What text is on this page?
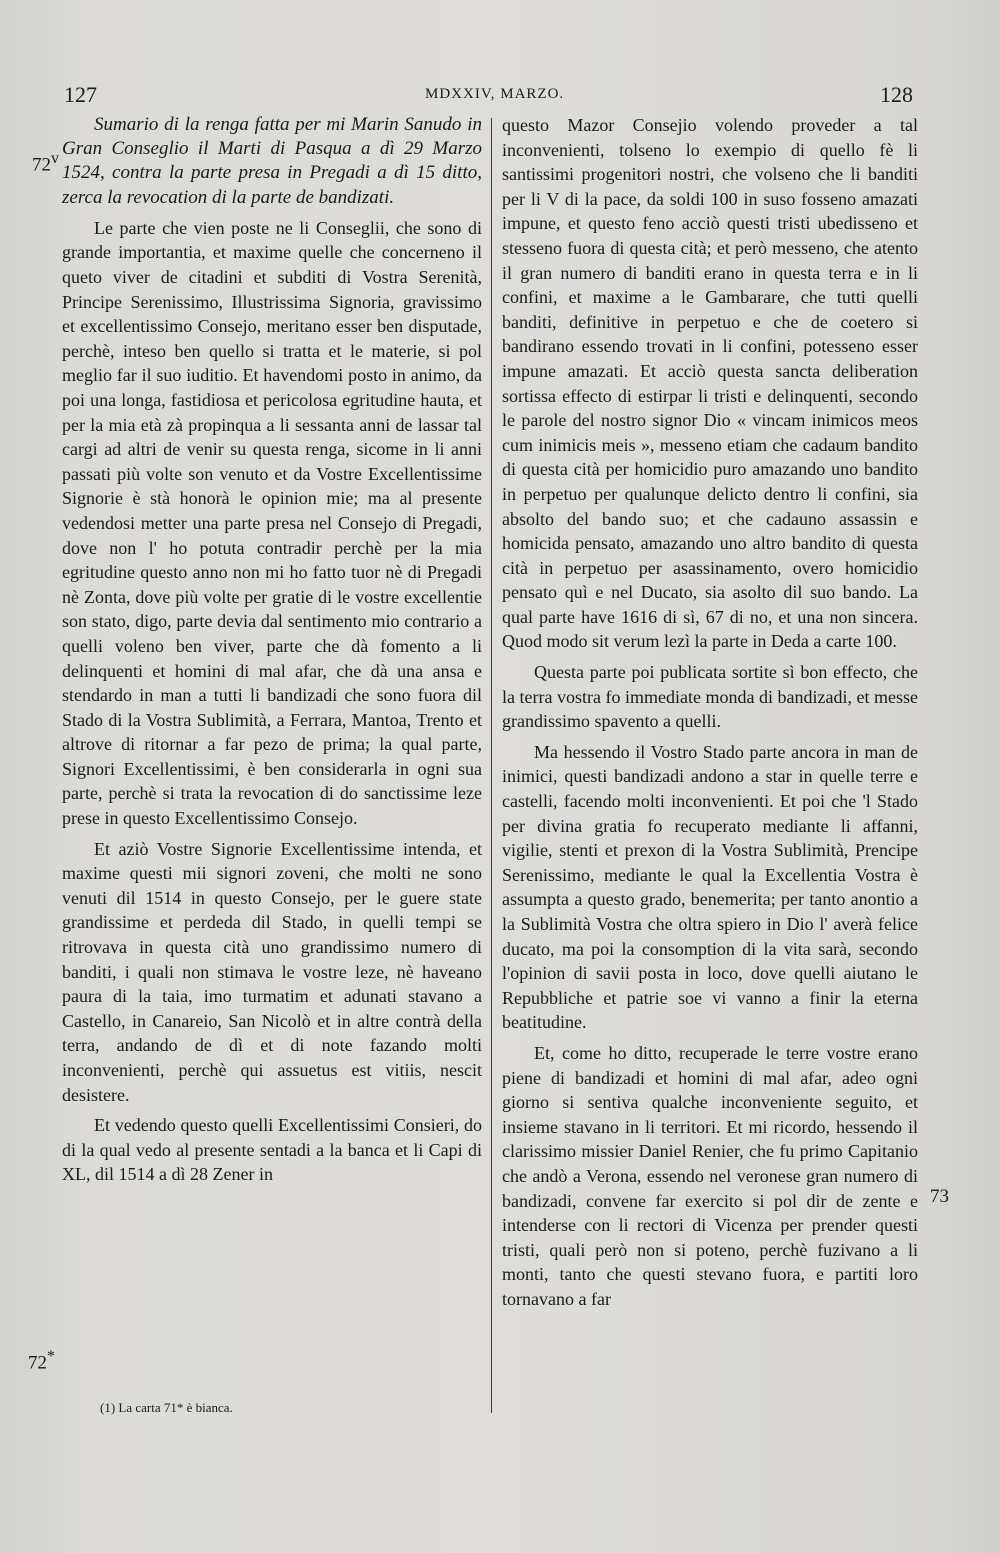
127	MDXXIV, MARZO.	128
72$^v$
72*
73

Sumario di la renga fatta per mi Marin Sanudo in Gran Conseglio il Marti di Pasqua a dì 29 Marzo 1524, contra la parte presa in Pregadi a dì 15 ditto, zerca la revocation di la parte de bandizati.

Le parte che vien poste ne li Conseglii, che sono di grande importantia, et maxime quelle che concerneno il queto viver de citadini et subditi di Vostra Serenità, Principe Serenissimo, Illustrissima Signoria, gravissimo et excellentissimo Consejo, meritano esser ben disputade, perchè, inteso ben quello si tratta et le materie, si pol meglio far il suo iuditio. Et havendomi posto in animo, da poi una longa, fastidiosa et pericolosa egritudine hauta, et per la mia età zà propinqua a li sessanta anni de lassar tal cargi ad altri de venir su questa renga, sicome in li anni passati più volte son venuto et da Vostre Excellentissime Signorie è stà honorà le opinion mie; ma al presente vedendosi metter una parte presa nel Consejo di Pregadi, dove non l' ho potuta contradir perchè per la mia egritudine questo anno non mi ho fatto tuor nè di Pregadi nè Zonta, dove più volte per gratie di le vostre excellentie son stato, digo, parte devia dal sentimento mio contrario a quelli voleno ben viver, parte che dà fomento a li delinquenti et homini di mal afar, che dà una ansa e stendardo in man a tutti li bandizadi che sono fuora dil Stado di la Vostra Sublimità, a Ferrara, Mantoa, Trento et altrove di ritornar a far pezo de prima; la qual parte, Signori Excellentissimi, è ben considerarla in ogni sua parte, perchè si trata la revocation di do sanctissime leze prese in questo Excellentissimo Consejo.

Et aziò Vostre Signorie Excellentissime intenda, et maxime questi mii signori zoveni, che molti ne sono venuti dil 1514 in questo Consejo, per le guere state grandissime et perdeda dil Stado, in quelli tempi se ritrovava in questa cità uno grandissimo numero di banditi, i quali non stimava le vostre leze, nè haveano paura di la taia, imo turmatim et adunati stavano a Castello, in Canareio, San Nicolò et in altre contrà della terra, andando de dì et di note fazando molti inconvenienti, perchè qui assuetus est vitiis, nescit desistere.

Et vedendo questo quelli Excellentissimi Consieri, do di la qual vedo al presente sentadi a la banca et li Capi di XL, dil 1514 a dì 28 Zener in

questo Mazor Consejio volendo proveder a tal inconvenienti, tolseno lo exempio di quello fè li santissimi progenitori nostri, che volseno che li banditi per li V di la pace, da soldi 100 in suso fosseno amazati impune, et questo feno acciò questi tristi ubedisseno et stesseno fuora di questa cità; et però messeno, che atento il gran numero di banditi erano in questa terra e in li confini, et maxime a le Gambarare, che tutti quelli banditi, definitive in perpetuo e che de coetero si bandirano essendo trovati in li confini, potesseno esser impune amazati. Et acciò questa sancta deliberation sortissa effecto di estirpar li tristi e delinquenti, secondo le parole del nostro signor Dio « vincam inimicos meos cum inimicis meis », messeno etiam che cadaum bandito di questa cità per homicidio puro amazando uno bandito in perpetuo per qualunque delicto dentro li confini, sia absolto del bando suo; et che cadauno assassin e homicida pensato, amazando uno altro bandito di questa cità in perpetuo per asassinamento, overo homicidio pensato quì e nel Ducato, sia asolto dil suo bando. La qual parte have 1616 di sì, 67 di no, et una non sincera. Quod modo sit verum lezì la parte in Deda a carte 100.

Questa parte poi publicata sortite sì bon effecto, che la terra vostra fo immediate monda di bandizadi, et messe grandissimo spavento a quelli.

Ma hessendo il Vostro Stado parte ancora in man de inimici, questi bandizadi andono a star in quelle terre e castelli, facendo molti inconvenienti. Et poi che 'l Stado per divina gratia fo recuperato mediante li affanni, vigilie, stenti et prexon di la Vostra Sublimità, Prencipe Serenissimo, mediante le qual la Excellentia Vostra è assumpta a questo grado, benemerita; per tanto anontio a la Sublimità Vostra che oltra spiero in Dio l' averà felice ducato, ma poi la consomption di la vita sarà, secondo l'opinion di savii posta in loco, dove quelli aiutano le Repubbliche et patrie soe vi vanno a finir la eterna beatitudine.

Et, come ho ditto, recuperade le terre vostre erano piene di bandizadi et homini di mal afar, adeo ogni giorno si sentiva qualche inconveniente seguito, et insieme stavano in li territori. Et mi ricordo, hessendo il clarissimo missier Daniel Renier, che fu primo Capitanio che andò a Verona, essendo nel veronese gran numero di bandizadi, convene far exercito si pol dir de zente e intenderse con li rectori di Vicenza per prender questi tristi, quali però non si poteno, perchè fuzivano a li monti, tanto che questi stevano fuora, e partiti loro tornavano a far

(1) La carta 71* è bianca.
